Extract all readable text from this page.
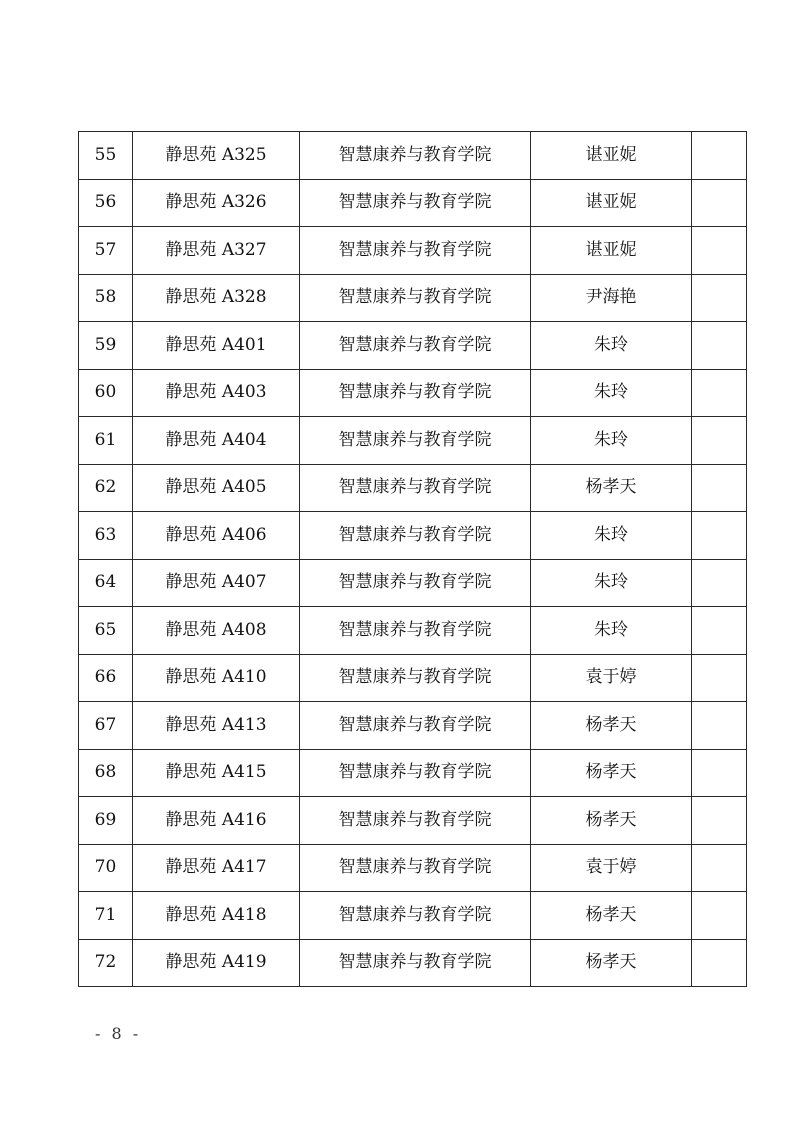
55	静思苑 A325	智慧康养与教育学院	谌亚妮	
56	静思苑 A326	智慧康养与教育学院	谌亚妮	
57	静思苑 A327	智慧康养与教育学院	谌亚妮	
58	静思苑 A328	智慧康养与教育学院	尹海艳	
59	静思苑 A401	智慧康养与教育学院	朱玲	
60	静思苑 A403	智慧康养与教育学院	朱玲	
61	静思苑 A404	智慧康养与教育学院	朱玲	
62	静思苑 A405	智慧康养与教育学院	杨孝天	
63	静思苑 A406	智慧康养与教育学院	朱玲	
64	静思苑 A407	智慧康养与教育学院	朱玲	
65	静思苑 A408	智慧康养与教育学院	朱玲	
66	静思苑 A410	智慧康养与教育学院	袁于婷	
67	静思苑 A413	智慧康养与教育学院	杨孝天	
68	静思苑 A415	智慧康养与教育学院	杨孝天	
69	静思苑 A416	智慧康养与教育学院	杨孝天	
70	静思苑 A417	智慧康养与教育学院	袁于婷	
71	静思苑 A418	智慧康养与教育学院	杨孝天	
72	静思苑 A419	智慧康养与教育学院	杨孝天	
- 8 -
